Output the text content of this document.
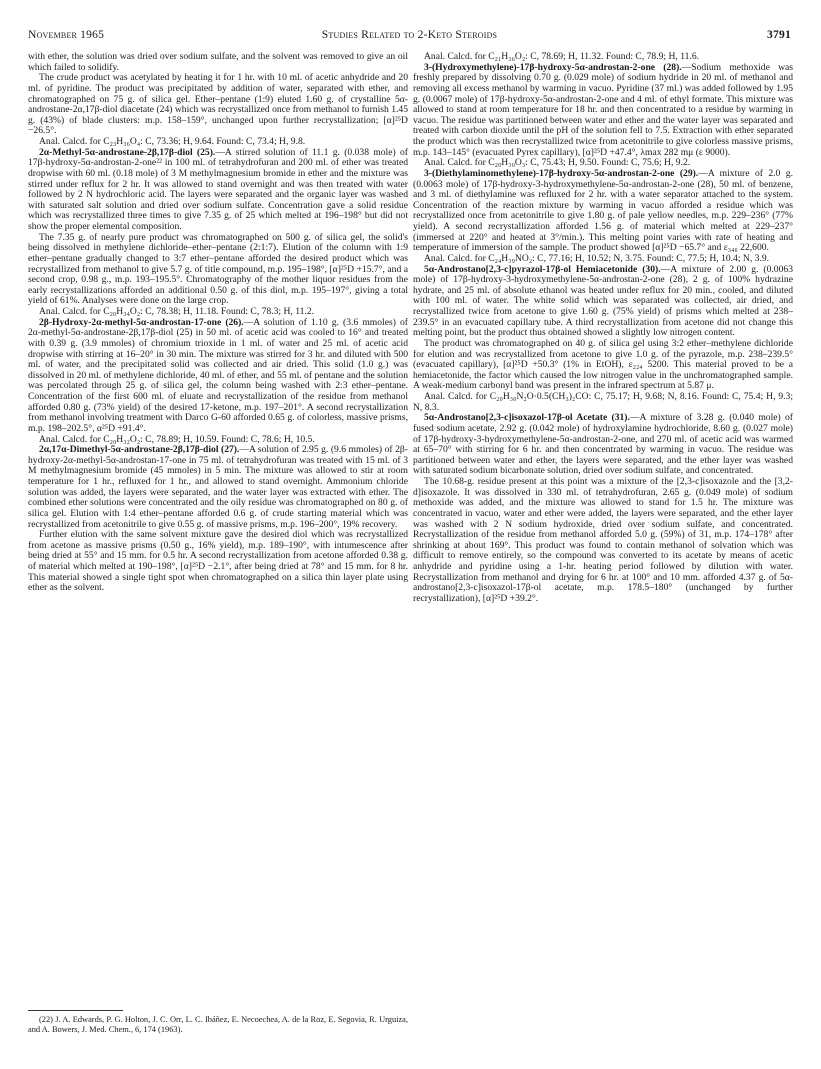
November 1965	Studies Related to 2-Keto Steroids	3791

with ether, the solution was dried over sodium sulfate, and the solvent was removed to give an oil which failed to solidify.

The crude product was acetylated by heating it for 1 hr. with 10 ml. of acetic anhydride and 20 ml. of pyridine. The product was precipitated by addition of water, separated with ether, and chromatographed on 75 g. of silica gel. Ether–pentane (1:9) eluted 1.60 g. of crystalline 5α-androstane-2α,17β-diol diacetate (24) which was recrystallized once from methanol to furnish 1.45 g. (43%) of blade clusters: m.p. 158–159°, unchanged upon further recrystallization; [α]²⁵D −26.5°.

Anal. Calcd. for C₂₃H₃₆O₄: C, 73.36; H, 9.64. Found: C, 73.4; H, 9.8.

2α-Methyl-5α-androstane-2β,17β-diol (25).—A stirred solution of 11.1 g. (0.038 mole) of 17β-hydroxy-5α-androstan-2-one²² in 100 ml. of tetrahydrofuran and 200 ml. of ether was treated dropwise with 60 ml. (0.18 mole) of 3 M methylmagnesium bromide in ether and the mixture was stirred under reflux for 2 hr. It was allowed to stand overnight and was then treated with water followed by 2 N hydrochloric acid. The layers were separated and the organic layer was washed with saturated salt solution and dried over sodium sulfate. Concentration gave a solid residue which was recrystallized three times to give 7.35 g. of 25 which melted at 196–198° but did not show the proper elemental composition.

The 7.35 g. of nearly pure product was chromatographed on 500 g. of silica gel, the solid's being dissolved in methylene dichloride–ether–pentane (2:1:7). Elution of the column with 1:9 ether–pentane gradually changed to 3:7 ether–pentane afforded the desired product which was recrystallized from methanol to give 5.7 g. of title compound, m.p. 195–198°, [α]²⁵D +15.7°, and a second crop, 0.98 g., m.p. 193–195.5°. Chromatography of the mother liquor residues from the early recrystallizations afforded an additional 0.50 g. of this diol, m.p. 195–197°, giving a total yield of 61%. Analyses were done on the large crop.

Anal. Calcd. for C₂₀H₃₄O₂: C, 78.38; H, 11.18. Found: C, 78.3; H, 11.2.

2β-Hydroxy-2α-methyl-5α-androstan-17-one (26).—A solution of 1.10 g. (3.6 mmoles) of 2α-methyl-5α-androstane-2β,17β-diol (25) in 50 ml. of acetic acid was cooled to 16° and treated with 0.39 g. (3.9 mmoles) of chromium trioxide in 1 ml. of water and 25 ml. of acetic acid dropwise with stirring at 16–20° in 30 min. The mixture was stirred for 3 hr. and diluted with 500 ml. of water, and the precipitated solid was collected and air dried. This solid (1.0 g.) was dissolved in 20 ml. of methylene dichloride, 40 ml. of ether, and 55 ml. of pentane and the solution was percolated through 25 g. of silica gel, the column being washed with 2:3 ether–pentane. Concentration of the first 600 ml. of eluate and recrystallization of the residue from methanol afforded 0.80 g. (73% yield) of the desired 17-ketone, m.p. 197–201°. A second recrystallization from methanol involving treatment with Darco G-60 afforded 0.65 g. of colorless, massive prisms, m.p. 198–202.5°, α²⁵D +91.4°.

Anal. Calcd. for C₂₀H₃₂O₂: C, 78.89; H, 10.59. Found: C, 78.6; H, 10.5.

2α,17α-Dimethyl-5α-androstane-2β,17β-diol (27).—A solution of 2.95 g. (9.6 mmoles) of 2β-hydroxy-2α-methyl-5α-androstan-17-one in 75 ml. of tetrahydrofuran was treated with 15 ml. of 3 M methylmagnesium bromide (45 mmoles) in 5 min. The mixture was allowed to stir at room temperature for 1 hr., refluxed for 1 hr., and allowed to stand overnight. Ammonium chloride solution was added, the layers were separated, and the water layer was extracted with ether. The combined ether solutions were concentrated and the oily residue was chromatographed on 80 g. of silica gel. Elution with 1:4 ether–pentane afforded 0.6 g. of crude starting material which was recrystallized from acetonitrile to give 0.55 g. of massive prisms, m.p. 196–200°, 19% recovery.

Further elution with the same solvent mixture gave the desired diol which was recrystallized from acetone as massive prisms (0.50 g., 16% yield), m.p. 189–190°, with intumescence after being dried at 55° and 15 mm. for 0.5 hr. A second recrystallization from acetone afforded 0.38 g. of material which melted at 190–198°, [α]²⁵D −2.1°, after being dried at 78° and 15 mm. for 8 hr. This material showed a single tight spot when chromatographed on a silica thin layer plate using ether as the solvent.

Anal. Calcd. for C₂₁H₃₆O₂: C, 78.69; H, 11.32. Found: C, 78.9; H, 11.6.

3-(Hydroxymethylene)-17β-hydroxy-5α-androstan-2-one (28).—Sodium methoxide was freshly prepared by dissolving 0.70 g. (0.029 mole) of sodium hydride in 20 ml. of methanol and removing all excess methanol by warming in vacuo. Pyridine (37 ml.) was added followed by 1.95 g. (0.0067 mole) of 17β-hydroxy-5α-androstan-2-one and 4 ml. of ethyl formate. This mixture was allowed to stand at room temperature for 18 hr. and then concentrated to a residue by warming in vacuo. The residue was partitioned between water and ether and the water layer was separated and treated with carbon dioxide until the pH of the solution fell to 7.5. Extraction with ether separated the product which was then recrystallized twice from acetonitrile to give colorless massive prisms, m.p. 143–145° (evacuated Pyrex capillary), [α]²⁵D +47.4°, λmax 282 mμ (ε 9000).

Anal. Calcd. for C₂₀H₃₀O₃: C, 75.43; H, 9.50. Found: C, 75.6; H, 9.2.

3-(Diethylaminomethylene)-17β-hydroxy-5α-androstan-2-one (29).—A mixture of 2.0 g. (0.0063 mole) of 17β-hydroxy-3-hydroxymethylene-5α-androstan-2-one (28), 50 ml. of benzene, and 3 ml. of diethylamine was refluxed for 2 hr. with a water separator attached to the system. Concentration of the reaction mixture by warming in vacuo afforded a residue which was recrystallized once from acetonitrile to give 1.80 g. of pale yellow needles, m.p. 229–236° (77% yield). A second recrystallization afforded 1.56 g. of material which melted at 229–237° (immersed at 220° and heated at 3°/min.). This melting point varies with rate of heating and temperature of immersion of the sample. The product showed [α]²⁵D −65.7° and ε₃₄₀ 22,600.

Anal. Calcd. for C₂₄H₃₉NO₂: C, 77.16; H, 10.52; N, 3.75. Found: C, 77.5; H, 10.4; N, 3.9.

5α-Androstano[2,3-c]pyrazol-17β-ol Hemiacetonide (30).—A mixture of 2.00 g. (0.0063 mole) of 17β-hydroxy-3-hydroxymethylene-5α-androstan-2-one (28), 2 g. of 100% hydrazine hydrate, and 25 ml. of absolute ethanol was heated under reflux for 20 min., cooled, and diluted with 100 ml. of water. The white solid which was separated was collected, air dried, and recrystallized twice from acetone to give 1.60 g. (75% yield) of prisms which melted at 238–239.5° in an evacuated capillary tube. A third recrystallization from acetone did not change this melting point, but the product thus obtained showed a slightly low nitrogen content.

The product was chromatographed on 40 g. of silica gel using 3:2 ether–methylene dichloride for elution and was recrystallized from acetone to give 1.0 g. of the pyrazole, m.p. 238–239.5° (evacuated capillary), [α]²⁵D +50.3° (1% in EtOH), ε₂₂₄ 5200. This material proved to be a hemiacetonide, the factor which caused the low nitrogen value in the unchromatographed sample. A weak-medium carbonyl band was present in the infrared spectrum at 5.87 μ.

Anal. Calcd. for C₂₀H₃₀N₂O·0.5(CH₃)₂CO: C, 75.17; H, 9.68; N, 8.16. Found: C, 75.4; H, 9.3; N, 8.3.

5α-Androstano[2,3-c]isoxazol-17β-ol Acetate (31).—A mixture of 3.28 g. (0.040 mole) of fused sodium acetate, 2.92 g. (0.042 mole) of hydroxylamine hydrochloride, 8.60 g. (0.027 mole) of 17β-hydroxy-3-hydroxymethylene-5α-androstan-2-one, and 270 ml. of acetic acid was warmed at 65–70° with stirring for 6 hr. and then concentrated by warming in vacuo. The residue was partitioned between water and ether, the layers were separated, and the ether layer was washed with saturated sodium bicarbonate solution, dried over sodium sulfate, and concentrated.

The 10.68-g. residue present at this point was a mixture of the [2,3-c]isoxazole and the [3,2-d]isoxazole. It was dissolved in 330 ml. of tetrahydrofuran, 2.65 g. (0.049 mole) of sodium methoxide was added, and the mixture was allowed to stand for 1.5 hr. The mixture was concentrated in vacuo, water and ether were added, the layers were separated, and the ether layer was washed with 2 N sodium hydroxide, dried over sodium sulfate, and concentrated. Recrystallization of the residue from methanol afforded 5.0 g. (59%) of 31, m.p. 174–178° after shrinking at about 169°. This product was found to contain methanol of solvation which was difficult to remove entirely, so the compound was converted to its acetate by means of acetic anhydride and pyridine using a 1-hr. heating period followed by dilution with water. Recrystallization from methanol and drying for 6 hr. at 100° and 10 mm. afforded 4.37 g. of 5α-androstano[2,3-c]isoxazol-17β-ol acetate, m.p. 178.5–180° (unchanged by further recrystallization), [α]²⁵D +39.2°.

(22) J. A. Edwards, P. G. Holton, J. C. Orr, L. C. Ibáñez, E. Necoechea, A. de la Roz, E. Segovia, R. Urguiza, and A. Bowers, J. Med. Chem., 6, 174 (1963).
